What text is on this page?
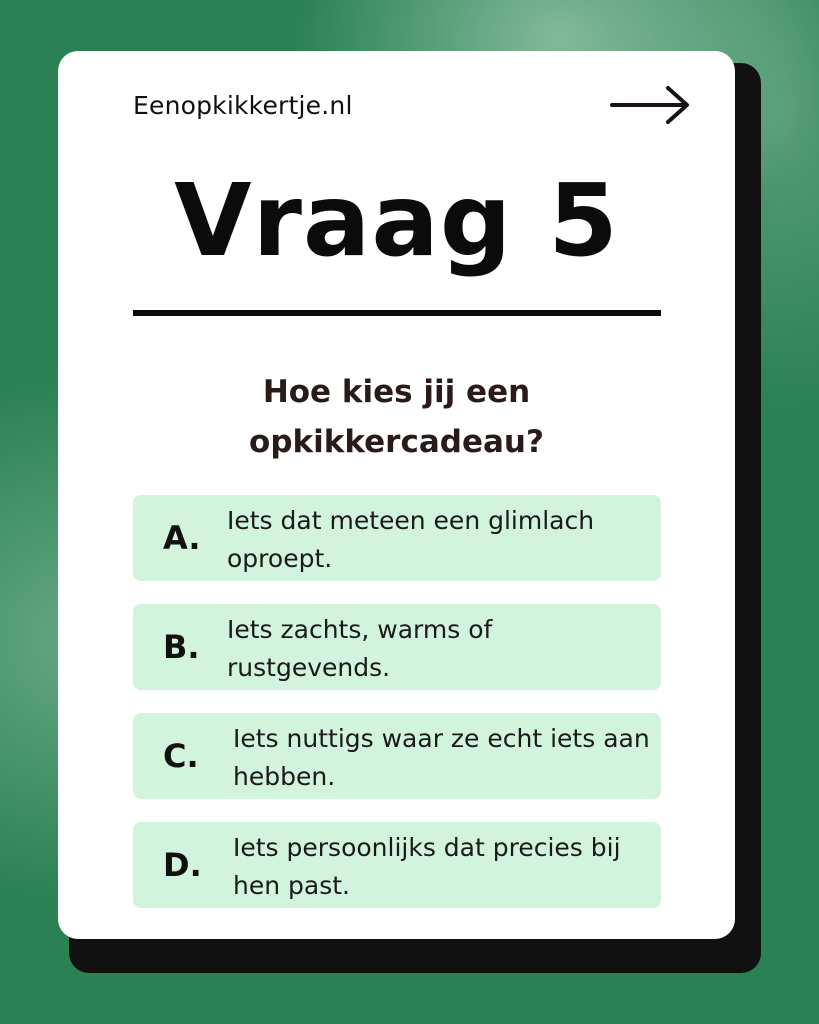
Eenopkikkertje.nl
Vraag 5
Hoe kies jij een opkikkercadeau?
A. Iets dat meteen een glimlach oproept.
B. Iets zachts, warms of rustgevends.
C. Iets nuttigs waar ze echt iets aan hebben.
D. Iets persoonlijks dat precies bij hen past.
